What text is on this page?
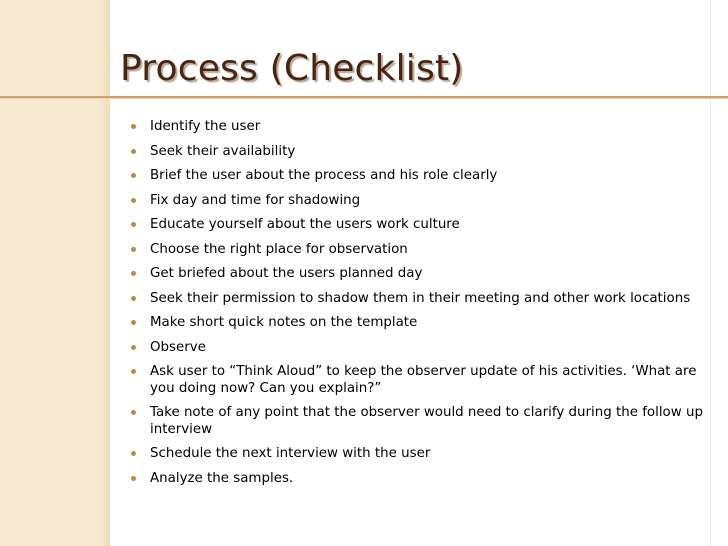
Process (Checklist)
Identify the user
Seek their availability
Brief the user about the process and his role clearly
Fix day and time for shadowing
Educate yourself about the users work culture
Choose the right place for observation
Get briefed about the users planned day
Seek their permission to shadow them in their meeting and other work locations
Make short quick notes on the template
Observe
Ask user to “Think Aloud” to keep the observer update of his activities. ‘What are you doing now? Can you explain?”
Take note of any point that the observer would need to clarify during the follow up interview
Schedule the next interview with the user
Analyze the samples.
